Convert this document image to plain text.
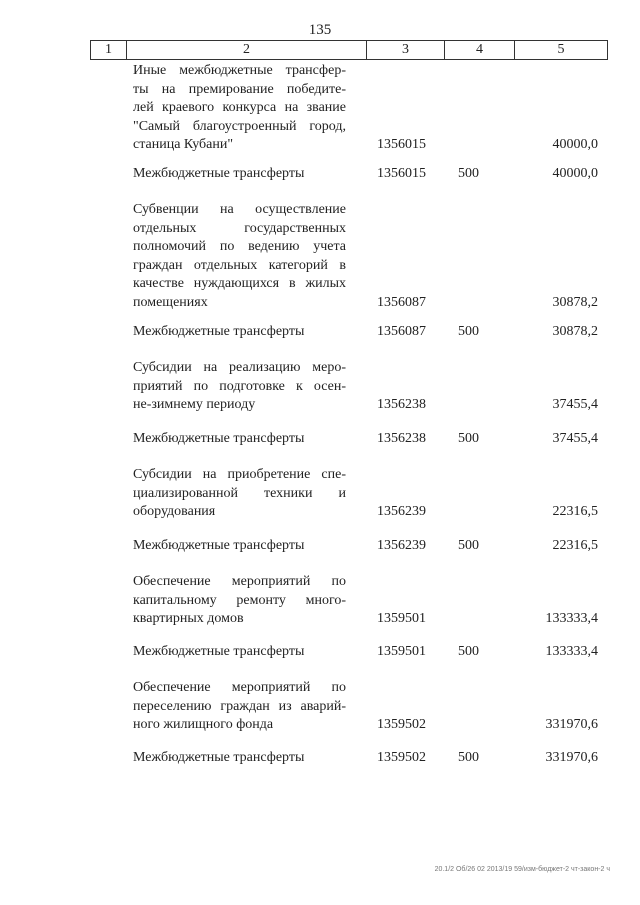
135
1	2	3	4	5
Иные межбюджетные трансфер-
ты на премирование победите-
лей краевого конкурса на звание
"Самый благоустроенный город,
станица Кубани"	1356015	40000,0
Межбюджетные трансферты	1356015 500	40000,0
Субвенции на осуществление
отдельных государственных
полномочий по ведению учета
граждан отдельных категорий в
качестве нуждающихся в жилых
помещениях	1356087	30878,2
Межбюджетные трансферты	1356087 500	30878,2
Субсидии на реализацию меро-
приятий по подготовке к осен-
не-зимнему периоду	1356238	37455,4
Межбюджетные трансферты	1356238 500	37455,4
Субсидии на приобретение спе-
циализированной техники и
оборудования	1356239	22316,5
Межбюджетные трансферты	1356239 500	22316,5
Обеспечение мероприятий по
капитальному ремонту много-
квартирных домов	1359501	133333,4
Межбюджетные трансферты	1359501 500	133333,4
Обеспечение мероприятий по
переселению граждан из аварий-
ного жилищного фонда	1359502	331970,6
Межбюджетные трансферты	1359502 500	331970,6
20.1/2 Об/26 02 2013/19 59/изм-бюджет-2 чт-закон-2 ч
